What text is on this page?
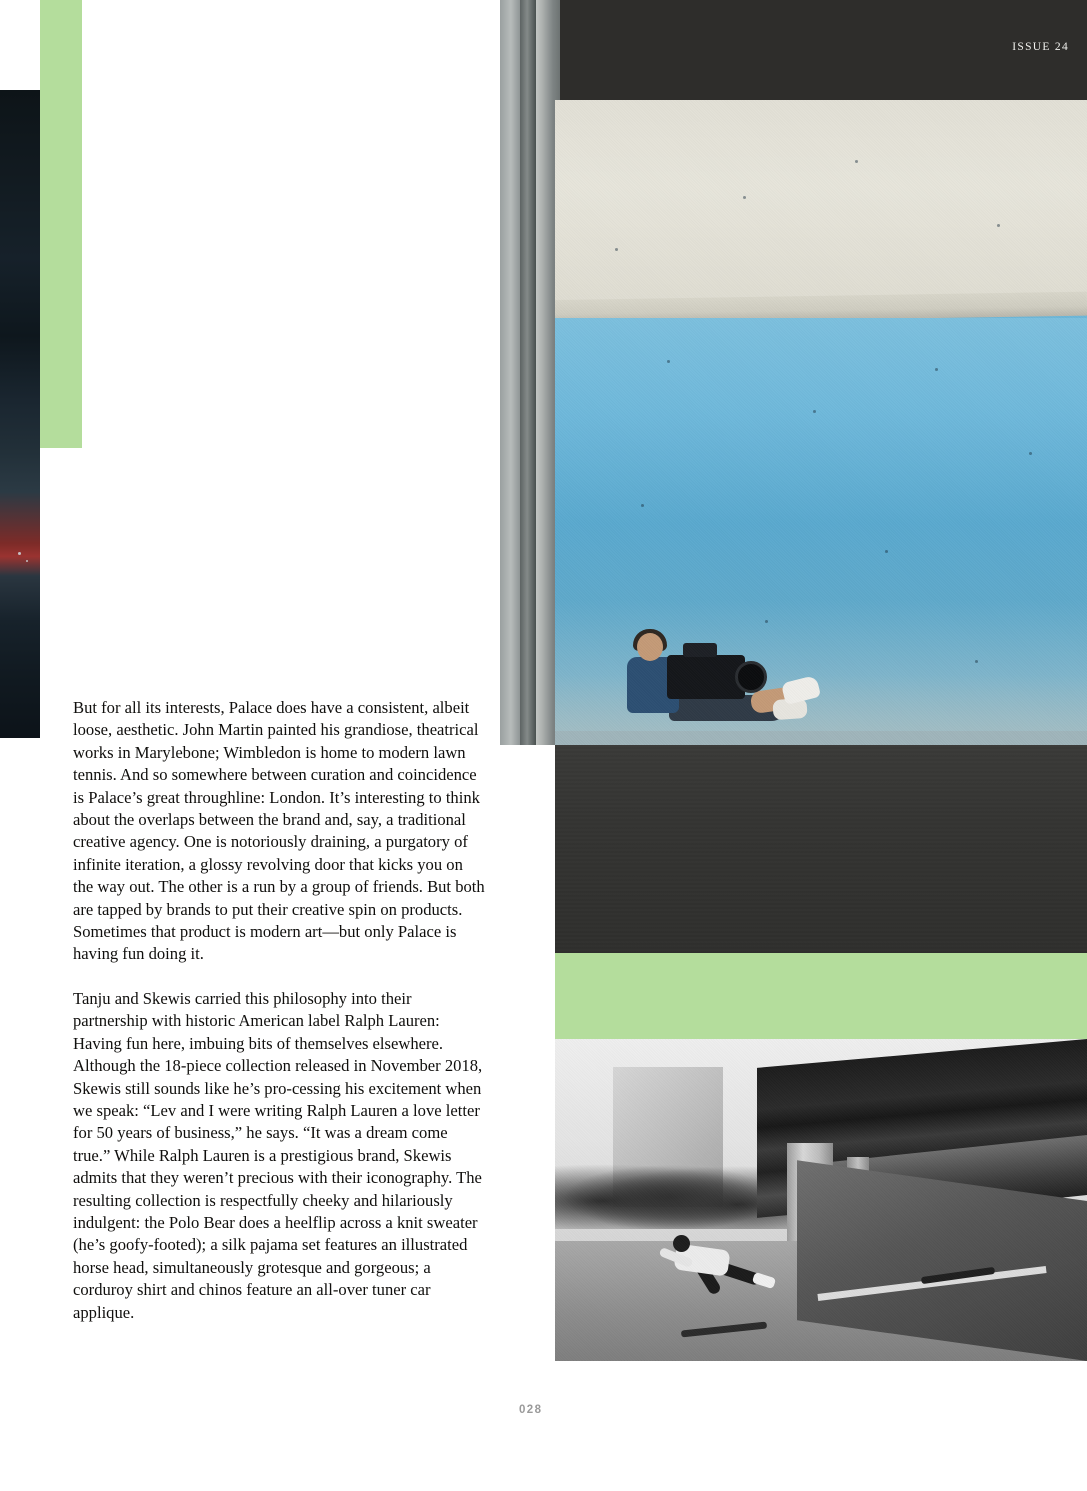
But for all its interests, Palace does have a consistent, albeit loose, aesthetic. John Martin painted his grandiose, theatrical works in Marylebone; Wimbledon is home to modern lawn tennis. And so somewhere between curation and coincidence is Palace’s great throughline: London. It’s interesting to think about the overlaps between the brand and, say, a traditional creative agency. One is notoriously draining, a purgatory of infinite iteration, a glossy revolving door that kicks you on the way out. The other is a run by a group of friends. But both are tapped by brands to put their creative spin on products. Sometimes that product is modern art—but only Palace is having fun doing it.

Tanju and Skewis carried this philosophy into their partnership with historic American label Ralph Lauren: Having fun here, imbuing bits of themselves elsewhere. Although the 18-piece collection released in November 2018, Skewis still sounds like he’s pro-cessing his excitement when we speak: “Lev and I were writing Ralph Lauren a love letter for 50 years of business,” he says. “It was a dream come true.” While Ralph Lauren is a prestigious brand, Skewis admits that they weren’t precious with their iconography. The resulting collection is respectfully cheeky and hilariously indulgent: the Polo Bear does a heelflip across a knit sweater (he’s goofy-footed); a silk pajama set features an illustrated horse head, simultaneously grotesque and gorgeous; a corduroy shirt and chinos feature an all-over tuner car applique.

028
ISSUE 24
